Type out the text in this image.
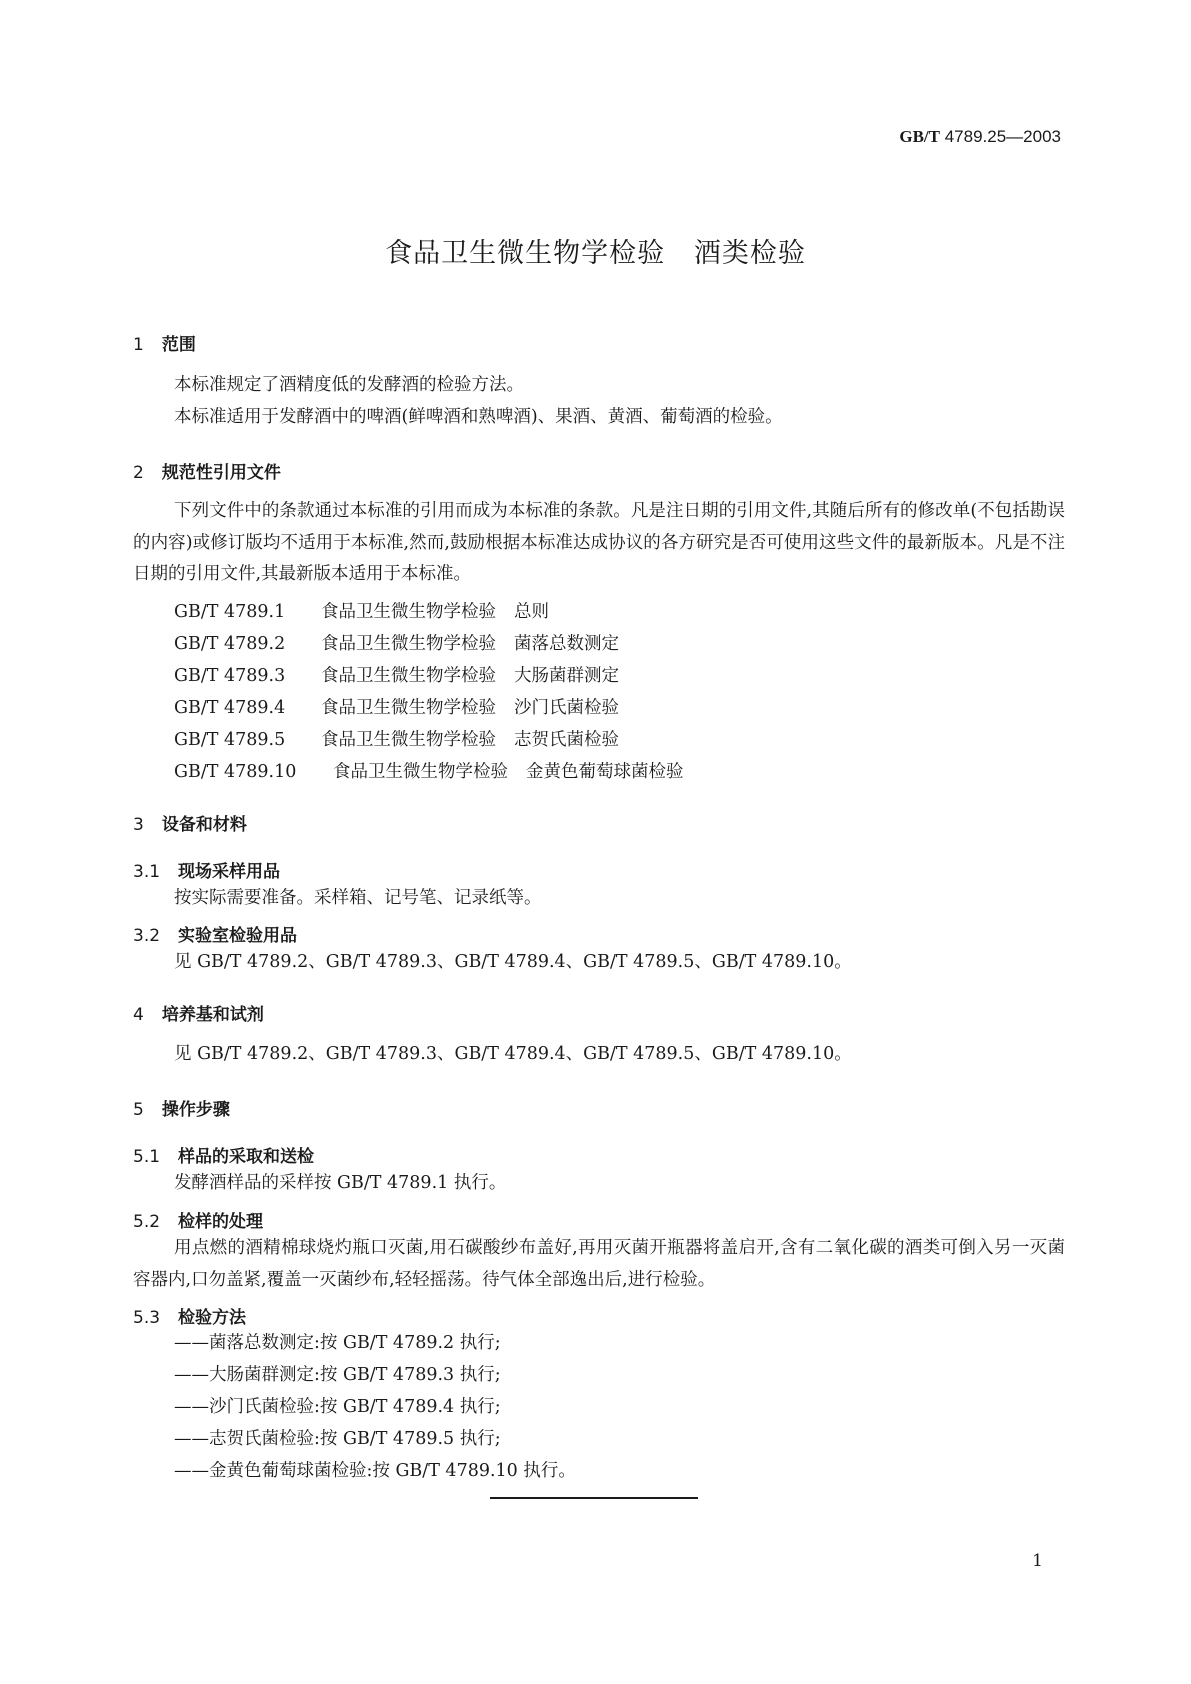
GB/T 4789.25—2003
食品卫生微生物学检验 酒类检验
1 范围
本标准规定了酒精度低的发酵酒的检验方法。
本标准适用于发酵酒中的啤酒(鲜啤酒和熟啤酒)、果酒、黄酒、葡萄酒的检验。
2 规范性引用文件
下列文件中的条款通过本标准的引用而成为本标准的条款。凡是注日期的引用文件,其随后所有的修改单(不包括勘误的内容)或修订版均不适用于本标准,然而,鼓励根据本标准达成协议的各方研究是否可使用这些文件的最新版本。凡是不注日期的引用文件,其最新版本适用于本标准。
GB/T 4789.1 食品卫生微生物学检验 总则
GB/T 4789.2 食品卫生微生物学检验 菌落总数测定
GB/T 4789.3 食品卫生微生物学检验 大肠菌群测定
GB/T 4789.4 食品卫生微生物学检验 沙门氏菌检验
GB/T 4789.5 食品卫生微生物学检验 志贺氏菌检验
GB/T 4789.10 食品卫生微生物学检验 金黄色葡萄球菌检验
3 设备和材料
3.1 现场采样用品
按实际需要准备。采样箱、记号笔、记录纸等。
3.2 实验室检验用品
见 GB/T 4789.2、GB/T 4789.3、GB/T 4789.4、GB/T 4789.5、GB/T 4789.10。
4 培养基和试剂
见 GB/T 4789.2、GB/T 4789.3、GB/T 4789.4、GB/T 4789.5、GB/T 4789.10。
5 操作步骤
5.1 样品的采取和送检
发酵酒样品的采样按 GB/T 4789.1 执行。
5.2 检样的处理
用点燃的酒精棉球烧灼瓶口灭菌,用石碳酸纱布盖好,再用灭菌开瓶器将盖启开,含有二氧化碳的酒类可倒入另一灭菌容器内,口勿盖紧,覆盖一灭菌纱布,轻轻摇荡。待气体全部逸出后,进行检验。
5.3 检验方法
——菌落总数测定:按 GB/T 4789.2 执行;
——大肠菌群测定:按 GB/T 4789.3 执行;
——沙门氏菌检验:按 GB/T 4789.4 执行;
——志贺氏菌检验:按 GB/T 4789.5 执行;
——金黄色葡萄球菌检验:按 GB/T 4789.10 执行。
1
